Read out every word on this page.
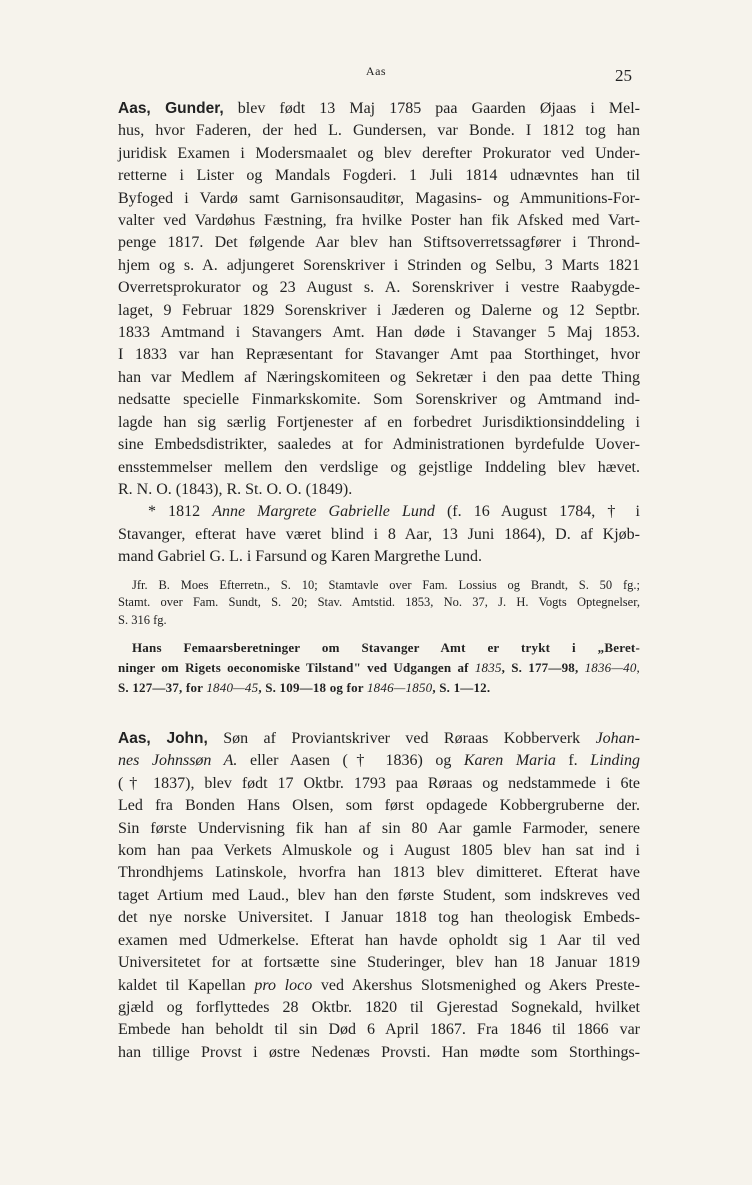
Aas	25
Aas, Gunder, blev født 13 Maj 1785 paa Gaarden Øjaas i Mel-
hus, hvor Faderen, der hed L. Gundersen, var Bonde. I 1812 tog han
juridisk Examen i Modersmaalet og blev derefter Prokurator ved Under-
retterne i Lister og Mandals Fogderi. 1 Juli 1814 udnævntes han til
Byfoged i Vardø samt Garnisonsauditør, Magasins- og Ammunitions-For-
valter ved Vardøhus Fæstning, fra hvilke Poster han fik Afsked med Vart-
penge 1817. Det følgende Aar blev han Stiftsoverretssagfører i Thrond-
hjem og s. A. adjungeret Sorenskriver i Strinden og Selbu, 3 Marts 1821
Overretsprokurator og 23 August s. A. Sorenskriver i vestre Raabygde-
laget, 9 Februar 1829 Sorenskriver i Jæderen og Dalerne og 12 Septbr.
1833 Amtmand i Stavangers Amt. Han døde i Stavanger 5 Maj 1853.
I 1833 var han Repræsentant for Stavanger Amt paa Storthinget, hvor
han var Medlem af Næringskomiteen og Sekretær i den paa dette Thing
nedsatte specielle Finmarkskomite. Som Sorenskriver og Amtmand ind-
lagde han sig særlig Fortjenester af en forbedret Jurisdiktionsinddeling i
sine Embedsdistrikter, saaledes at for Administrationen byrdefulde Uover-
ensstemmelser mellem den verdslige og gejstlige Inddeling blev hævet.
R. N. O. (1843), R. St. O. O. (1849).
* 1812 Anne Margrete Gabrielle Lund (f. 16 August 1784, † i
Stavanger, efterat have været blind i 8 Aar, 13 Juni 1864), D. af Kjøb-
mand Gabriel G. L. i Farsund og Karen Margrethe Lund.
Jfr. B. Moes Efterretn., S. 10; Stamtavle over Fam. Lossius og Brandt, S. 50 fg.;
Stamt. over Fam. Sundt, S. 20; Stav. Amtstid. 1853, No. 37, J. H. Vogts Optegnelser,
S. 316 fg.
Hans Femaarsberetninger om Stavanger Amt er trykt i „Beret-
ninger om Rigets oeconomiske Tilstand" ved Udgangen af 1835, S. 177—98, 1836—40,
S. 127—37, for 1840—45, S. 109—18 og for 1846—1850, S. 1—12.
Aas, John, Søn af Proviantskriver ved Røraas Kobberverk Johan-
nes Johnssøn A. eller Aasen († 1836) og Karen Maria f. Linding
(† 1837), blev født 17 Oktbr. 1793 paa Røraas og nedstammede i 6te
Led fra Bonden Hans Olsen, som først opdagede Kobbergruberne der.
Sin første Undervisning fik han af sin 80 Aar gamle Farmoder, senere
kom han paa Verkets Almuskole og i August 1805 blev han sat ind i
Throndhjems Latinskole, hvorfra han 1813 blev dimitteret. Efterat have
taget Artium med Laud., blev han den første Student, som indskreves ved
det nye norske Universitet. I Januar 1818 tog han theologisk Embeds-
examen med Udmerkelse. Efterat han havde opholdt sig 1 Aar til ved
Universitetet for at fortsætte sine Studeringer, blev han 18 Januar 1819
kaldet til Kapellan pro loco ved Akershus Slotsmenighed og Akers Preste-
gjæld og forflyttedes 28 Oktbr. 1820 til Gjerestad Sognekald, hvilket
Embede han beholdt til sin Død 6 April 1867. Fra 1846 til 1866 var
han tillige Provst i østre Nedenæs Provsti. Han mødte som Storthings-
